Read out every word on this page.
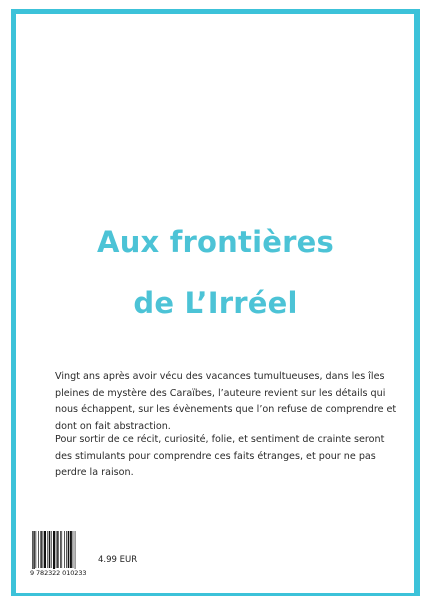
Aux frontières
de L’Irréel

Vingt ans après avoir vécu des vacances tumultueuses, dans les îles pleines de mystère des Caraïbes, l’auteure revient sur les détails qui nous échappent, sur les évènements que l’on refuse de comprendre et dont on fait abstraction.

Pour sortir de ce récit, curiosité, folie, et sentiment de crainte seront des stimulants pour comprendre ces faits étranges, et pour ne pas perdre la raison.

9 782322 010233
4.99 EUR
